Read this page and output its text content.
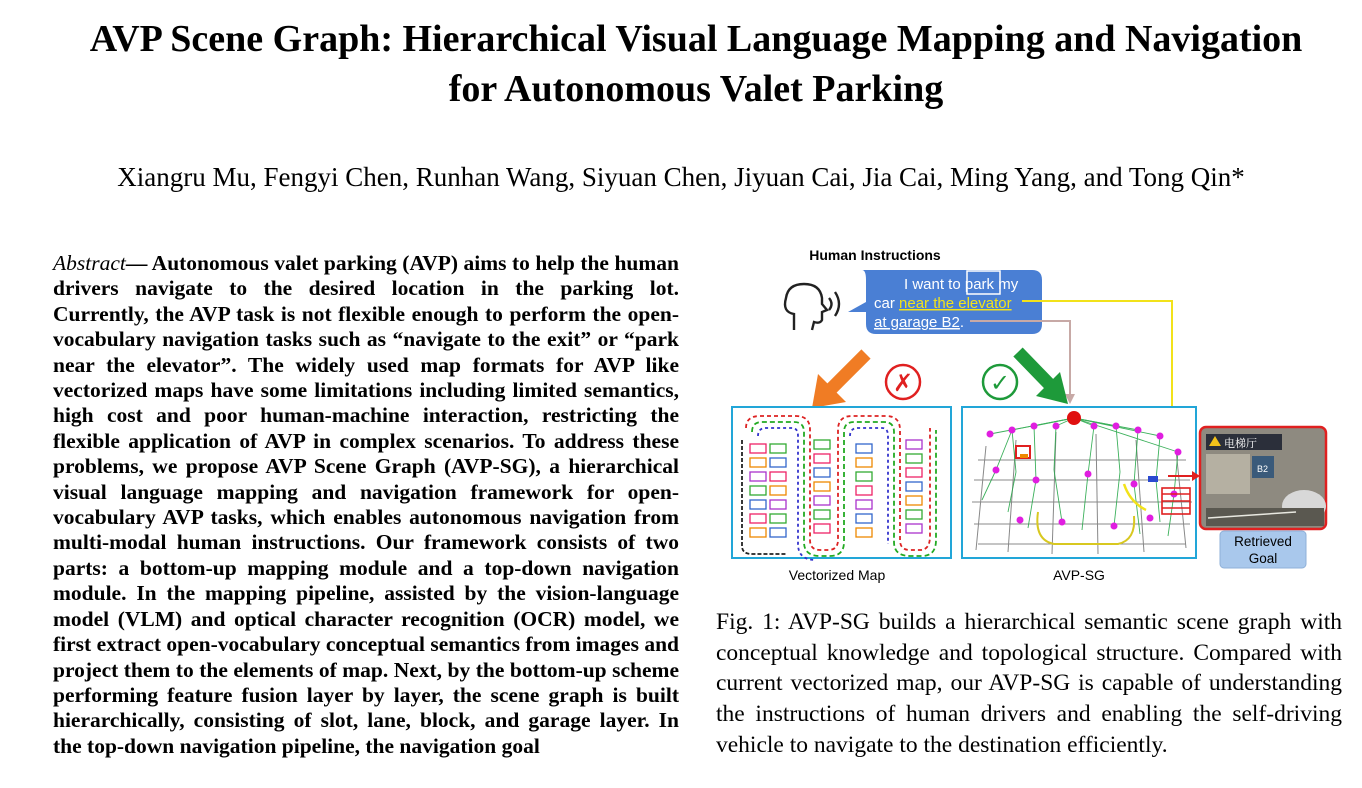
AVP Scene Graph: Hierarchical Visual Language Mapping and Navigation for Autonomous Valet Parking
Xiangru Mu, Fengyi Chen, Runhan Wang, Siyuan Chen, Jiyuan Cai, Jia Cai, Ming Yang, and Tong Qin*

Abstract— Autonomous valet parking (AVP) aims to help the human drivers navigate to the desired location in the parking lot. Currently, the AVP task is not flexible enough to perform the open-vocabulary navigation tasks such as “navigate to the exit” or “park near the elevator”. The widely used map formats for AVP like vectorized maps have some limitations including limited semantics, high cost and poor human-machine interaction, restricting the flexible application of AVP in complex scenarios. To address these problems, we propose AVP Scene Graph (AVP-SG), a hierarchical visual language mapping and navigation framework for open-vocabulary AVP tasks, which enables autonomous navigation from multi-modal human instructions. Our framework consists of two parts: a bottom-up mapping module and a top-down navigation module. In the mapping pipeline, assisted by the vision-language model (VLM) and optical character recognition (OCR) model, we first extract open-vocabulary conceptual semantics from images and project them to the elements of map. Next, by the bottom-up scheme performing feature fusion layer by layer, the scene graph is built hierarchically, consisting of slot, lane, block, and garage layer. In the top-down navigation pipeline, the navigation goal

Human Instructions
I want to park my
car near the elevator
at garage B2.
✗	✓
Vectorized Map	AVP-SG
电梯厅
B2
Retrieved
Goal

Fig. 1: AVP-SG builds a hierarchical semantic scene graph with conceptual knowledge and topological structure. Compared with current vectorized map, our AVP-SG is capable of understanding the instructions of human drivers and enabling the self-driving vehicle to navigate to the destination efficiently.
